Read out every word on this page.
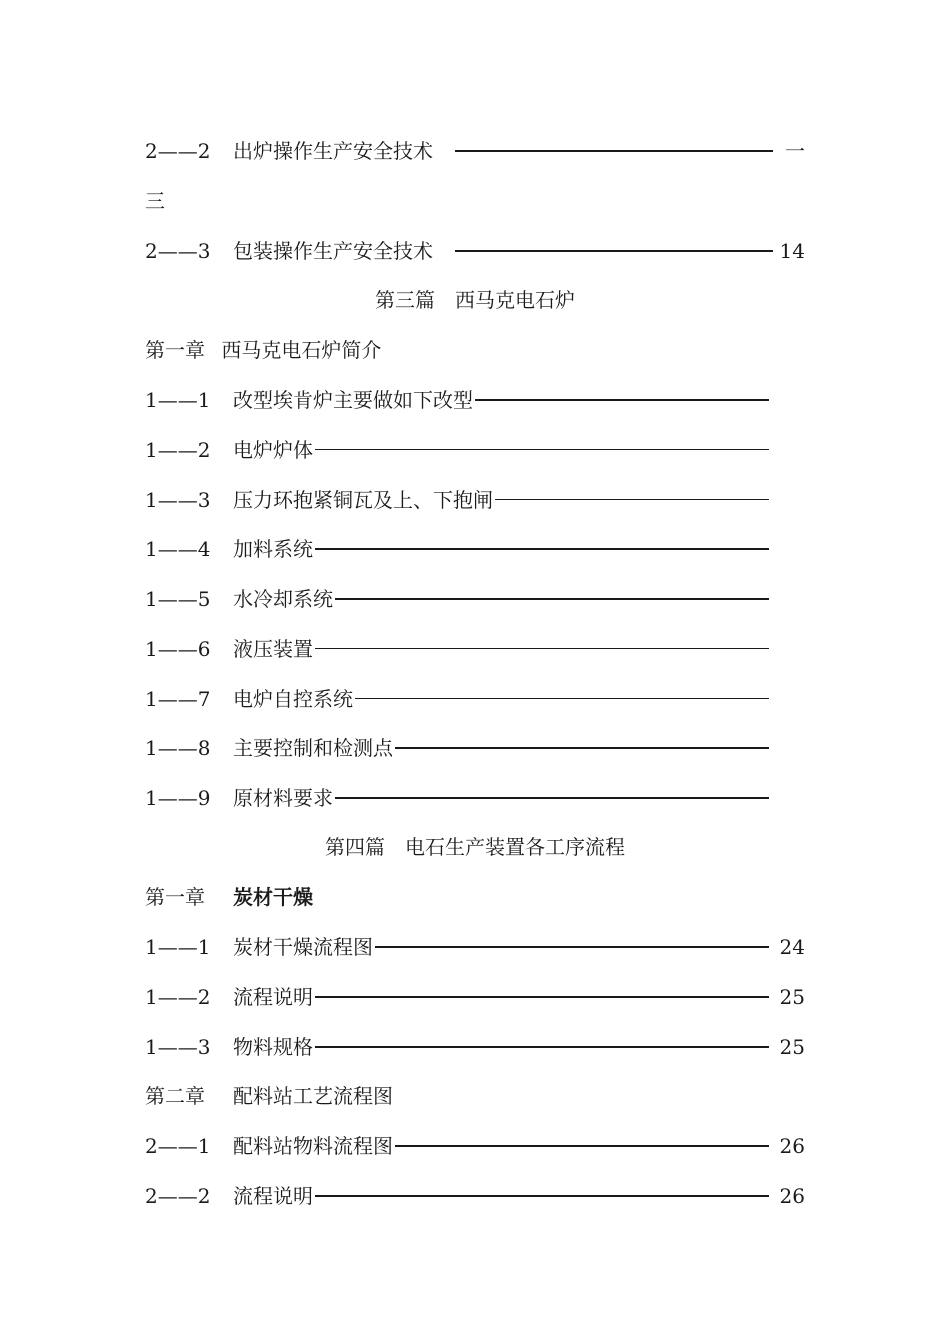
2——2 出炉操作生产安全技术	一
三
2——3 包装操作生产安全技术	14
第三篇　西马克电石炉
第一章 西马克电石炉简介
1——1 改型埃肯炉主要做如下改型
1——2 电炉炉体
1——3 压力环抱紧铜瓦及上、下抱闸
1——4 加料系统
1——5 水冷却系统
1——6 液压装置
1——7 电炉自控系统
1——8 主要控制和检测点
1——9 原材料要求
第四篇　电石生产装置各工序流程
第一章 炭材干燥
1——1 炭材干燥流程图	24
1——2 流程说明	25
1——3 物料规格	25
第二章 配料站工艺流程图
2——1 配料站物料流程图	26
2——2 流程说明	26
